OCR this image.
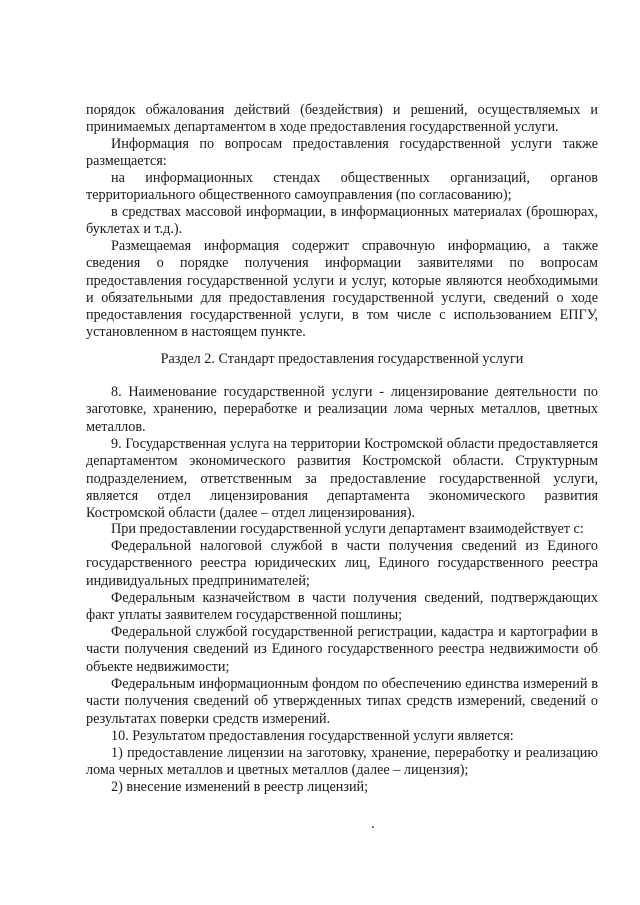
порядок обжалования действий (бездействия) и решений, осуществляемых и принимаемых департаментом в ходе предоставления государственной услуги.
Информация по вопросам предоставления государственной услуги также размещается:
на информационных стендах общественных организаций, органов территориального общественного самоуправления (по согласованию);
в средствах массовой информации, в информационных материалах (брошюрах, буклетах и т.д.).
Размещаемая информация содержит справочную информацию, а также сведения о порядке получения информации заявителями по вопросам предоставления государственной услуги и услуг, которые являются необходимыми и обязательными для предоставления государственной услуги, сведений о ходе предоставления государственной услуги, в том числе с использованием ЕПГУ, установленном в настоящем пункте.
Раздел 2. Стандарт предоставления государственной услуги
8. Наименование государственной услуги - лицензирование деятельности по заготовке, хранению, переработке и реализации лома черных металлов, цветных металлов.
9. Государственная услуга на территории Костромской области предоставляется департаментом экономического развития Костромской области. Структурным подразделением, ответственным за предоставление государственной услуги, является отдел лицензирования департамента экономического развития Костромской области (далее – отдел лицензирования).
При предоставлении государственной услуги департамент взаимодействует с:
Федеральной налоговой службой в части получения сведений из Единого государственного реестра юридических лиц, Единого государственного реестра индивидуальных предпринимателей;
Федеральным казначейством в части получения сведений, подтверждающих факт уплаты заявителем государственной пошлины;
Федеральной службой государственной регистрации, кадастра и картографии в части получения сведений из Единого государственного реестра недвижимости об объекте недвижимости;
Федеральным информационным фондом по обеспечению единства измерений в части получения сведений об утвержденных типах средств измерений, сведений о результатах поверки средств измерений.
10. Результатом предоставления государственной услуги является:
1) предоставление лицензии на заготовку, хранение, переработку и реализацию лома черных металлов и цветных металлов (далее – лицензия);
2) внесение изменений в реестр лицензий;
